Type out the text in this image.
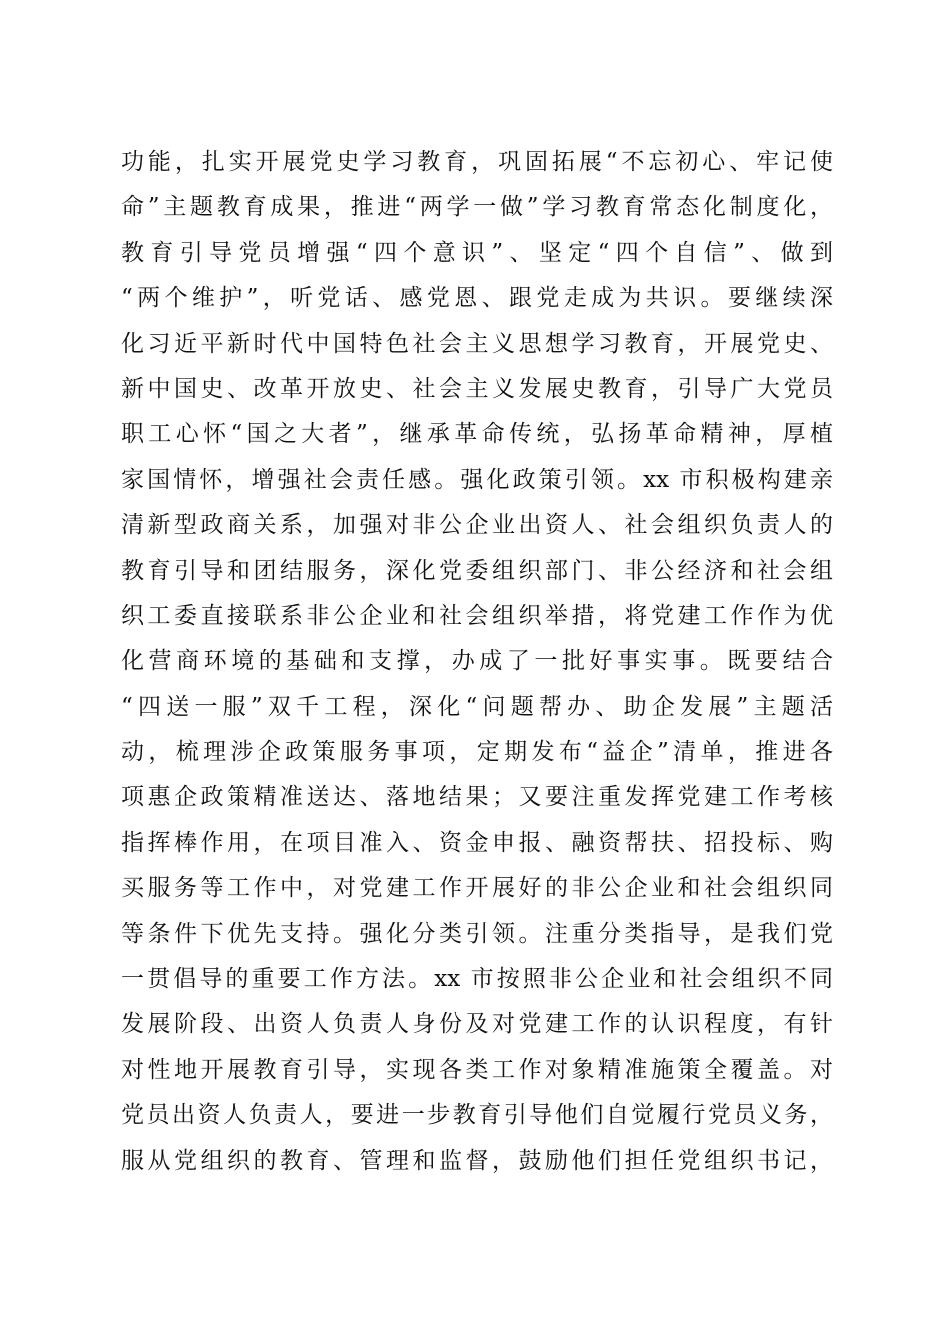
功能，扎实开展党史学习教育，巩固拓展“不忘初心、牢记使
命”主题教育成果，推进“两学一做”学习教育常态化制度化，
教育引导党员增强“四个意识”、坚定“四个自信”、做到
“两个维护”，听党话、感党恩、跟党走成为共识。要继续深
化习近平新时代中国特色社会主义思想学习教育，开展党史、
新中国史、改革开放史、社会主义发展史教育，引导广大党员
职工心怀“国之大者”，继承革命传统，弘扬革命精神，厚植
家国情怀，增强社会责任感。强化政策引领。xx 市积极构建亲
清新型政商关系，加强对非公企业出资人、社会组织负责人的
教育引导和团结服务，深化党委组织部门、非公经济和社会组
织工委直接联系非公企业和社会组织举措，将党建工作作为优
化营商环境的基础和支撑，办成了一批好事实事。既要结合
“四送一服”双千工程，深化“问题帮办、助企发展”主题活
动，梳理涉企政策服务事项，定期发布“益企”清单，推进各
项惠企政策精准送达、落地结果；又要注重发挥党建工作考核
指挥棒作用，在项目准入、资金申报、融资帮扶、招投标、购
买服务等工作中，对党建工作开展好的非公企业和社会组织同
等条件下优先支持。强化分类引领。注重分类指导，是我们党
一贯倡导的重要工作方法。xx 市按照非公企业和社会组织不同
发展阶段、出资人负责人身份及对党建工作的认识程度，有针
对性地开展教育引导，实现各类工作对象精准施策全覆盖。对
党员出资人负责人，要进一步教育引导他们自觉履行党员义务，
服从党组织的教育、管理和监督，鼓励他们担任党组织书记，
